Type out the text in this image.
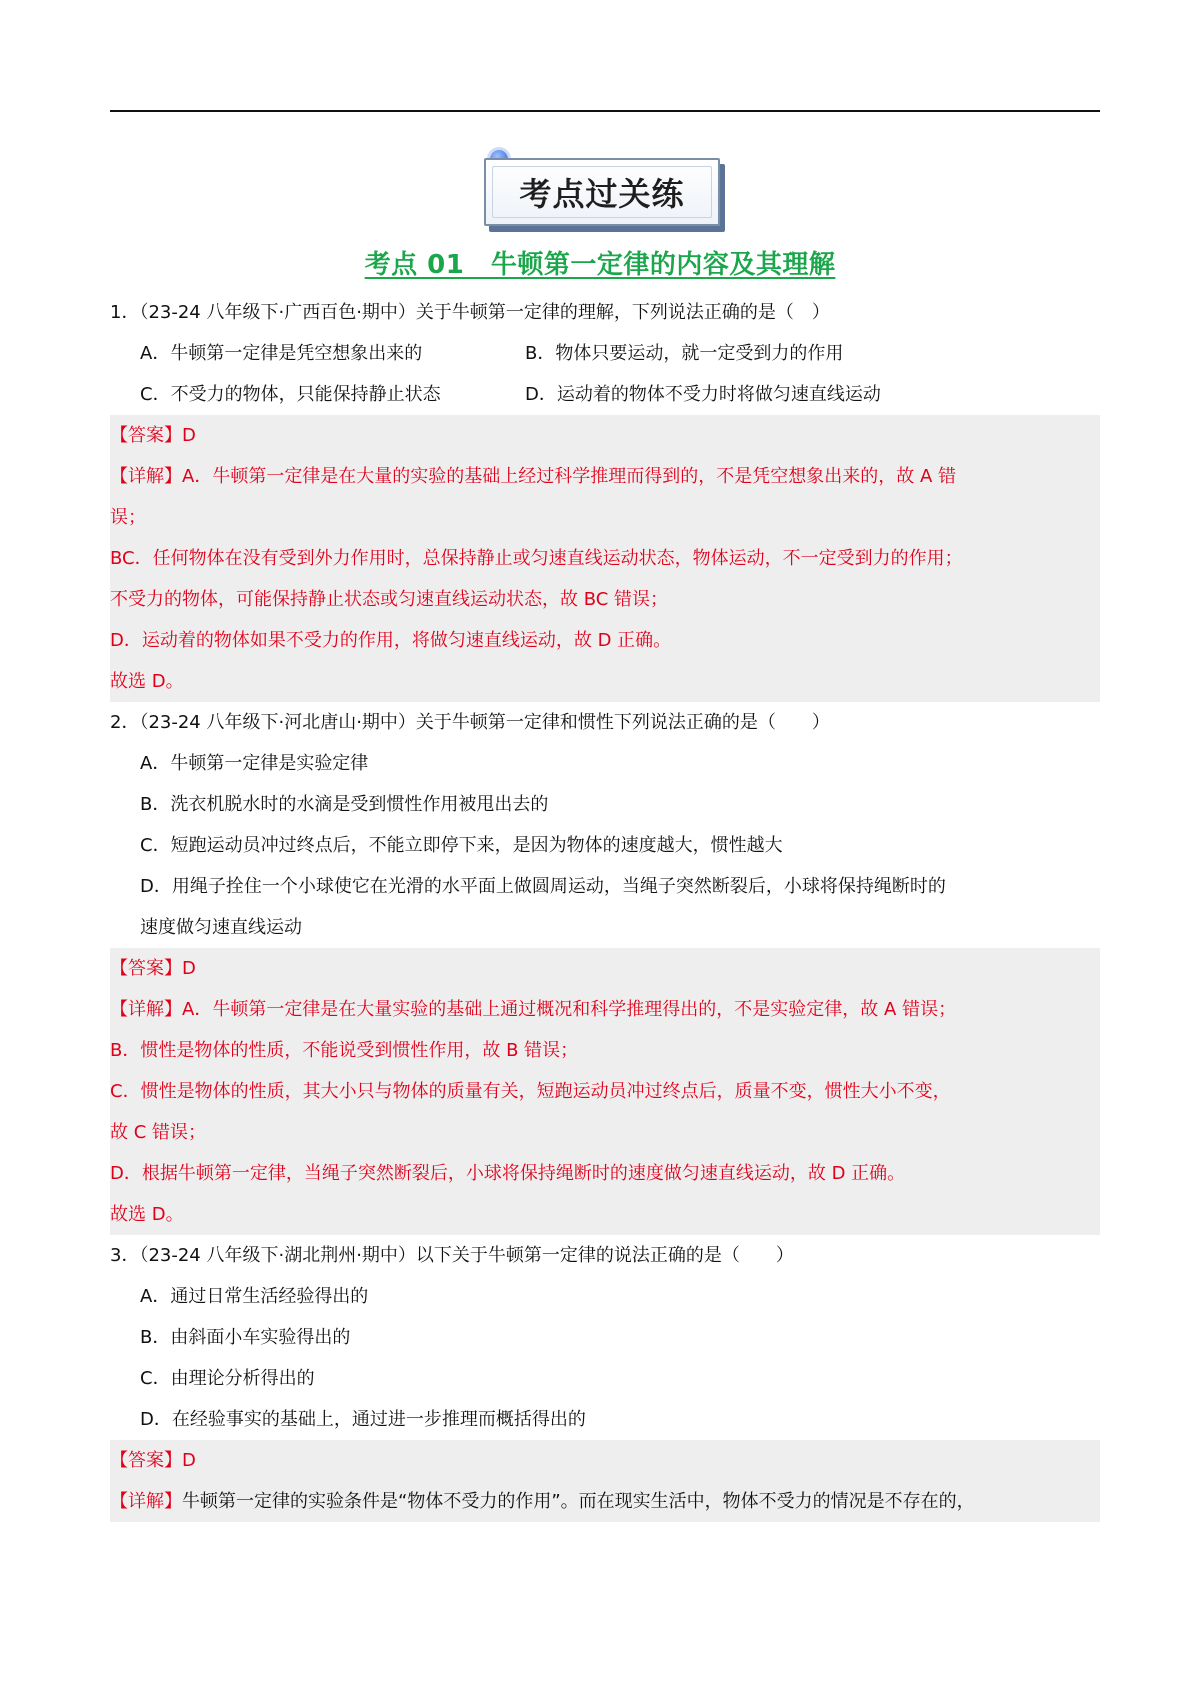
考点过关练
考点 01　牛顿第一定律的内容及其理解
1．（23-24 八年级下·广西百色·期中）关于牛顿第一定律的理解，下列说法正确的是（　）
A．牛顿第一定律是凭空想象出来的	B．物体只要运动，就一定受到力的作用
C．不受力的物体，只能保持静止状态	D．运动着的物体不受力时将做匀速直线运动
【答案】D
【详解】A．牛顿第一定律是在大量的实验的基础上经过科学推理而得到的，不是凭空想象出来的，故 A 错
误；
BC．任何物体在没有受到外力作用时，总保持静止或匀速直线运动状态，物体运动，不一定受到力的作用；
不受力的物体，可能保持静止状态或匀速直线运动状态，故 BC 错误；
D．运动着的物体如果不受力的作用，将做匀速直线运动，故 D 正确。
故选 D。
2．（23-24 八年级下·河北唐山·期中）关于牛顿第一定律和惯性下列说法正确的是（　　）
A．牛顿第一定律是实验定律
B．洗衣机脱水时的水滴是受到惯性作用被甩出去的
C．短跑运动员冲过终点后，不能立即停下来，是因为物体的速度越大，惯性越大
D．用绳子拴住一个小球使它在光滑的水平面上做圆周运动，当绳子突然断裂后，小球将保持绳断时的
速度做匀速直线运动
【答案】D
【详解】A．牛顿第一定律是在大量实验的基础上通过概况和科学推理得出的，不是实验定律，故 A 错误；
B．惯性是物体的性质，不能说受到惯性作用，故 B 错误；
C．惯性是物体的性质，其大小只与物体的质量有关，短跑运动员冲过终点后，质量不变，惯性大小不变，
故 C 错误；
D．根据牛顿第一定律，当绳子突然断裂后，小球将保持绳断时的速度做匀速直线运动，故 D 正确。
故选 D。
3．（23-24 八年级下·湖北荆州·期中）以下关于牛顿第一定律的说法正确的是（　　）
A．通过日常生活经验得出的
B．由斜面小车实验得出的
C．由理论分析得出的
D．在经验事实的基础上，通过进一步推理而概括得出的
【答案】D
【详解】牛顿第一定律的实验条件是“物体不受力的作用”。而在现实生活中，物体不受力的情况是不存在的，
